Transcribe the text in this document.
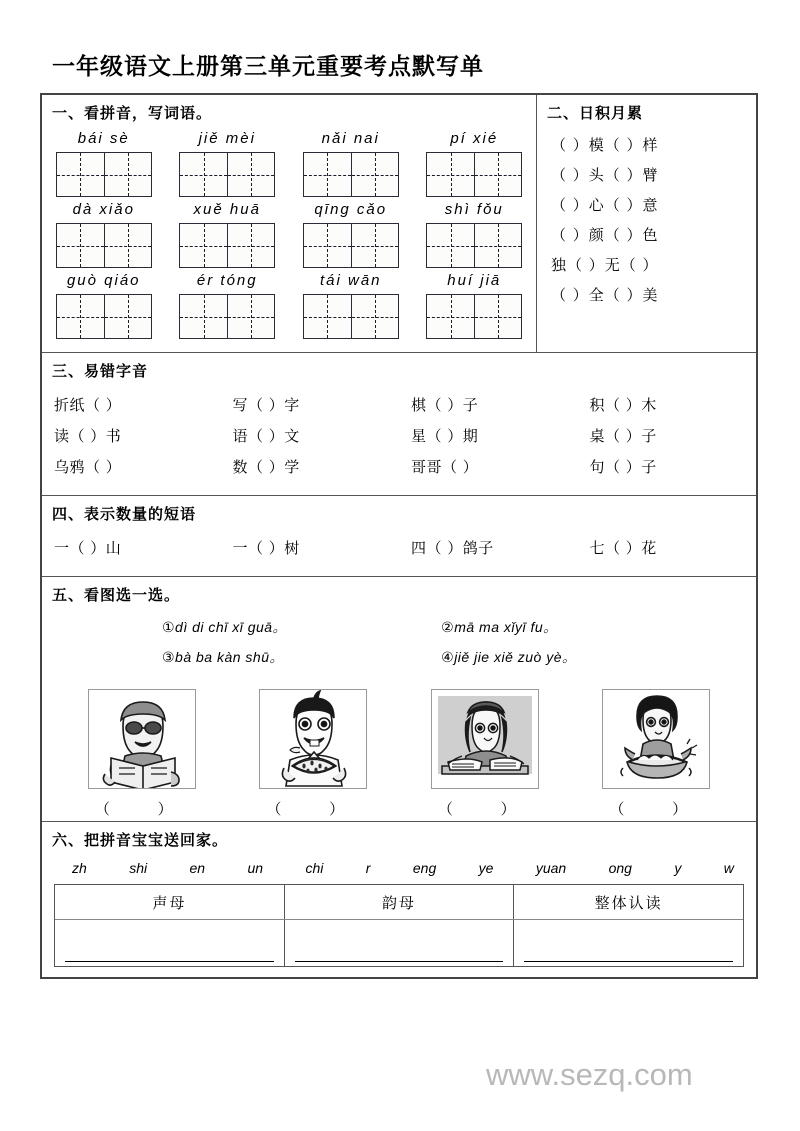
一年级语文上册第三单元重要考点默写单
一、看拼音，写词语。
bái sè	jiě mèi	nǎi nai	pí xié
dà xiǎo	xuě huā	qīng cǎo	shì fǒu
guò qiáo	ér tóng	tái wān	huí jiā
二、日积月累
（ ）模（ ）样
（ ）头（ ）臂
（ ）心（ ）意
（ ）颜（ ）色
独（ ）无（ ）
（ ）全（ ）美
三、易错字音
折纸（ ）	写（ ）字	棋（ ）子	积（ ）木
读（ ）书	语（ ）文	星（ ）期	桌（ ）子
乌鸦（ ）	数（ ）学	哥哥（ ）	句（ ）子
四、表示数量的短语
一（ ）山	一（ ）树	四（ ）鸽子	七（ ）花
五、看图选一选。
①dì di chī xī guā。	②mā ma xǐyī fu。
③bà ba kàn shū。	④jiě jie xiě zuò yè。
（ ）	（ ）	（ ）	（ ）
六、把拼音宝宝送回家。
zh	shi	en	un	chi	r	eng	ye	yuan	ong	y	w
声母	韵母	整体认读
www.sezq.com
